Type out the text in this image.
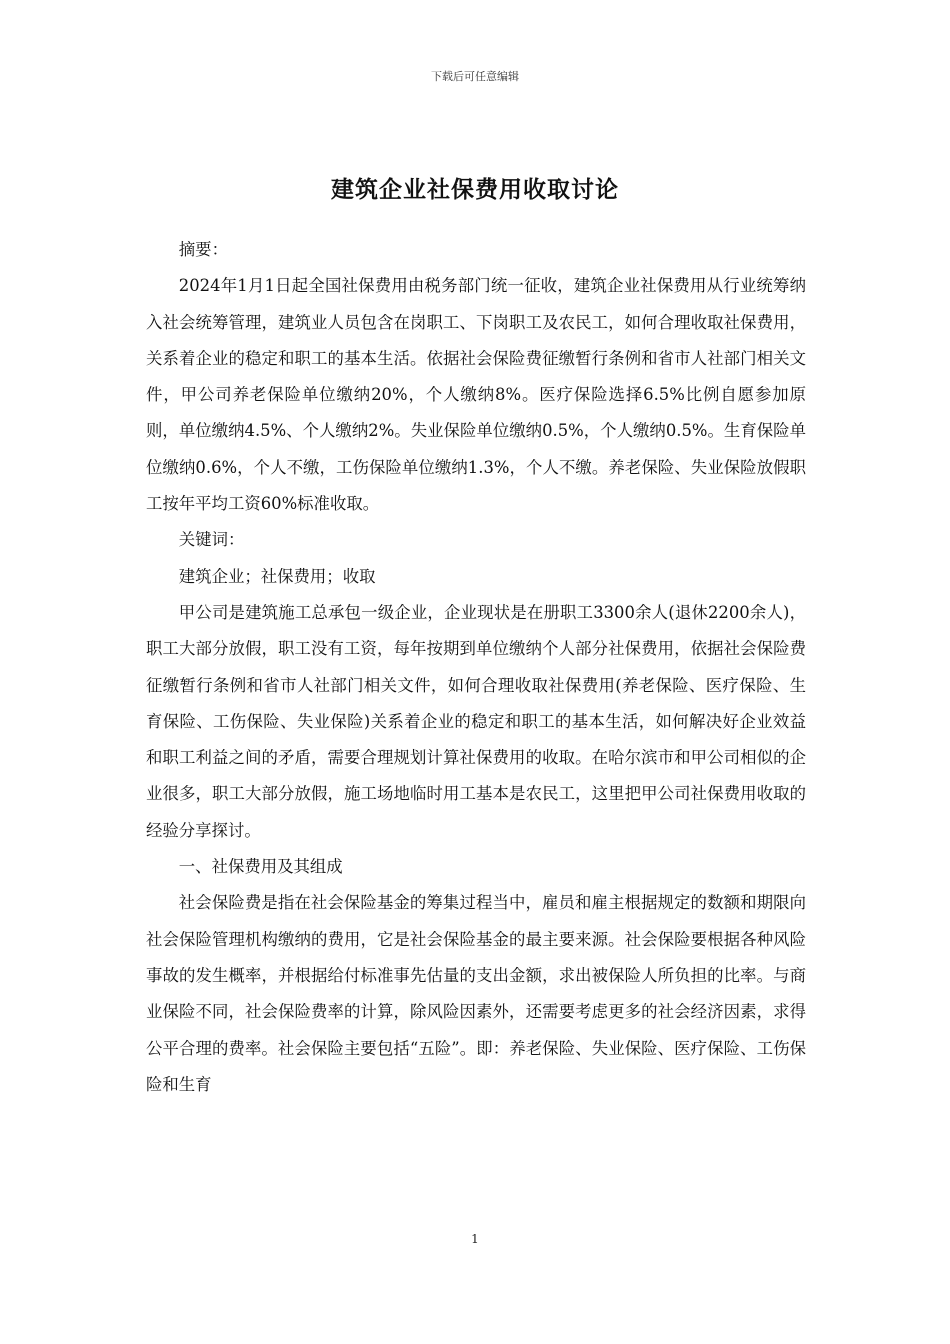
下载后可任意编辑
建筑企业社保费用收取讨论

摘要：

2024年1月1日起全国社保费用由税务部门统一征收，建筑企业社保费用从行业统筹纳入社会统筹管理，建筑业人员包含在岗职工、下岗职工及农民工，如何合理收取社保费用，关系着企业的稳定和职工的基本生活。依据社会保险费征缴暂行条例和省市人社部门相关文件，甲公司养老保险单位缴纳20%，个人缴纳8%。医疗保险选择6.5%比例自愿参加原则，单位缴纳4.5%、个人缴纳2%。失业保险单位缴纳0.5%，个人缴纳0.5%。生育保险单位缴纳0.6%，个人不缴，工伤保险单位缴纳1.3%，个人不缴。养老保险、失业保险放假职工按年平均工资60%标准收取。

关键词：

建筑企业；社保费用；收取

甲公司是建筑施工总承包一级企业，企业现状是在册职工3300余人(退休2200余人)，职工大部分放假，职工没有工资，每年按期到单位缴纳个人部分社保费用，依据社会保险费征缴暂行条例和省市人社部门相关文件，如何合理收取社保费用(养老保险、医疗保险、生育保险、工伤保险、失业保险)关系着企业的稳定和职工的基本生活，如何解决好企业效益和职工利益之间的矛盾，需要合理规划计算社保费用的收取。在哈尔滨市和甲公司相似的企业很多，职工大部分放假，施工场地临时用工基本是农民工，这里把甲公司社保费用收取的经验分享探讨。

一、社保费用及其组成

社会保险费是指在社会保险基金的筹集过程当中，雇员和雇主根据规定的数额和期限向社会保险管理机构缴纳的费用，它是社会保险基金的最主要来源。社会保险要根据各种风险事故的发生概率，并根据给付标准事先估量的支出金额，求出被保险人所负担的比率。与商业保险不同，社会保险费率的计算，除风险因素外，还需要考虑更多的社会经济因素，求得公平合理的费率。社会保险主要包括“五险”。即：养老保险、失业保险、医疗保险、工伤保险和生育

1
